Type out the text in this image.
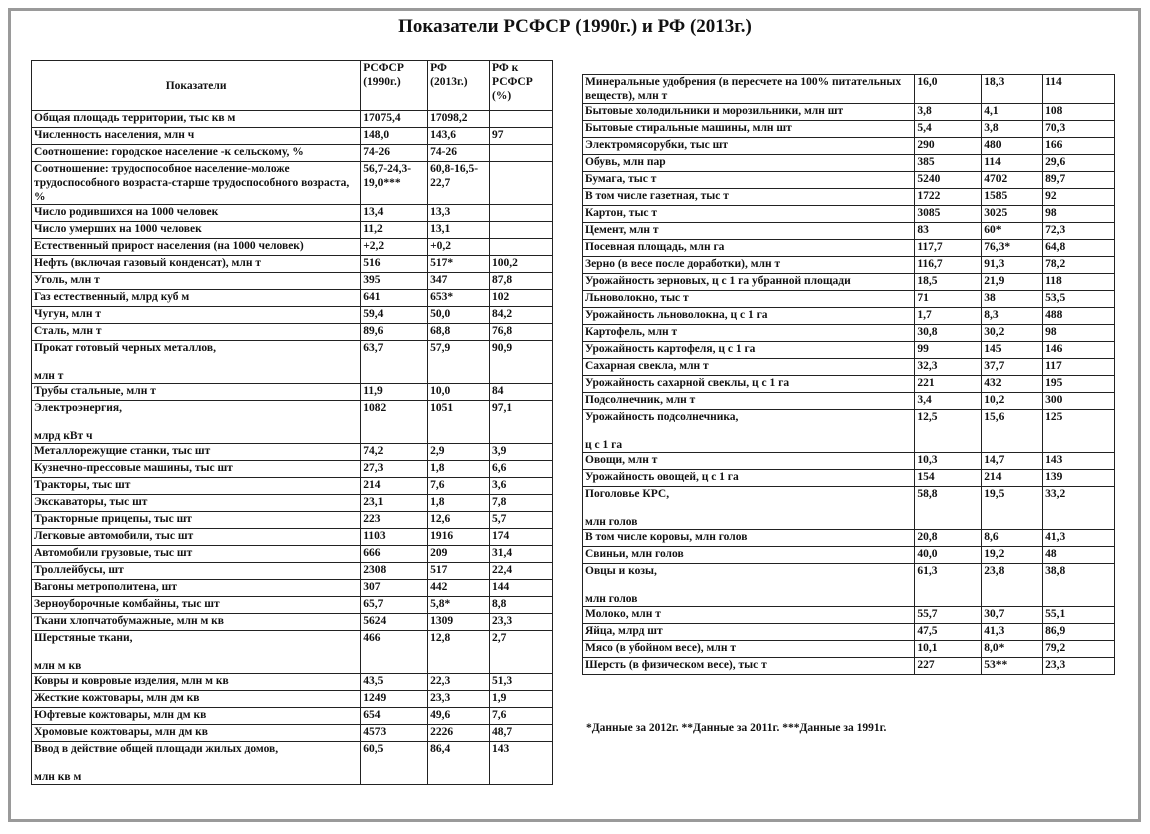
Показатели РСФСР (1990г.) и РФ (2013г.)
Показатели	РСФСР (1990г.)	РФ (2013г.)	РФ к РСФСР (%)
Общая площадь территории, тыс кв м	17075,4	17098,2	
Численность населения, млн ч	148,0	143,6	97
Соотношение: городское население -к сельскому, %	74-26	74-26	
Соотношение: трудоспособное население-моложе трудоспособного возраста-старше трудоспособного возраста, %	56,7-24,3-19,0***	60,8-16,5-22,7	
Число родившихся на 1000 человек	13,4	13,3	
Число умерших на 1000 человек	11,2	13,1	
Естественный прирост населения (на 1000 человек)	+2,2	+0,2	
Нефть (включая газовый конденсат), млн т	516	517*	100,2
Уголь, млн т	395	347	87,8
Газ естественный, млрд куб м	641	653*	102
Чугун, млн т	59,4	50,0	84,2
Сталь, млн т	89,6	68,8	76,8
Прокат готовый черных металлов,
млн т	63,7	57,9	90,9
Трубы стальные, млн т	11,9	10,0	84
Электроэнергия,
млрд кВт ч	1082	1051	97,1
Металлорежущие станки, тыс шт	74,2	2,9	3,9
Кузнечно-прессовые машины, тыс шт	27,3	1,8	6,6
Тракторы, тыс шт	214	7,6	3,6
Экскаваторы, тыс шт	23,1	1,8	7,8
Тракторные прицепы, тыс шт	223	12,6	5,7
Легковые автомобили, тыс шт	1103	1916	174
Автомобили грузовые, тыс шт	666	209	31,4
Троллейбусы, шт	2308	517	22,4
Вагоны метрополитена, шт	307	442	144
Зерноуборочные комбайны, тыс шт	65,7	5,8*	8,8
Ткани хлопчатобумажные, млн м кв	5624	1309	23,3
Шерстяные ткани,
млн м кв	466	12,8	2,7
Ковры и ковровые изделия, млн м кв	43,5	22,3	51,3
Жесткие кожтовары, млн дм кв	1249	23,3	1,9
Юфтевые кожтовары, млн дм кв	654	49,6	7,6
Хромовые кожтовары, млн дм кв	4573	2226	48,7
Ввод в действие общей площади жилых домов,
млн кв м	60,5	86,4	143
Минеральные удобрения (в пересчете на 100% питательных веществ), млн т	16,0	18,3	114
Бытовые холодильники и морозильники, млн шт	3,8	4,1	108
Бытовые стиральные машины, млн шт	5,4	3,8	70,3
Электромясорубки, тыс шт	290	480	166
Обувь, млн пар	385	114	29,6
Бумага, тыс т	5240	4702	89,7
В том числе газетная, тыс т	1722	1585	92
Картон, тыс т	3085	3025	98
Цемент, млн т	83	60*	72,3
Посевная площадь, млн га	117,7	76,3*	64,8
Зерно (в весе после доработки), млн т	116,7	91,3	78,2
Урожайность зерновых, ц с 1 га убранной площади	18,5	21,9	118
Льноволокно, тыс т	71	38	53,5
Урожайность льноволокна, ц с 1 га	1,7	8,3	488
Картофель, млн т	30,8	30,2	98
Урожайность картофеля, ц с 1 га	99	145	146
Сахарная свекла, млн т	32,3	37,7	117
Урожайность сахарной свеклы, ц с 1 га	221	432	195
Подсолнечник, млн т	3,4	10,2	300
Урожайность подсолнечника,
ц с 1 га	12,5	15,6	125
Овощи, млн т	10,3	14,7	143
Урожайность овощей, ц с 1 га	154	214	139
Поголовье КРС,
млн голов	58,8	19,5	33,2
В том числе коровы, млн голов	20,8	8,6	41,3
Свиньи, млн голов	40,0	19,2	48
Овцы и козы,
млн голов	61,3	23,8	38,8
Молоко, млн т	55,7	30,7	55,1
Яйца, млрд шт	47,5	41,3	86,9
Мясо (в убойном весе), млн т	10,1	8,0*	79,2
Шерсть (в физическом весе), тыс т	227	53**	23,3
*Данные за 2012г. **Данные за 2011г. ***Данные за 1991г.
